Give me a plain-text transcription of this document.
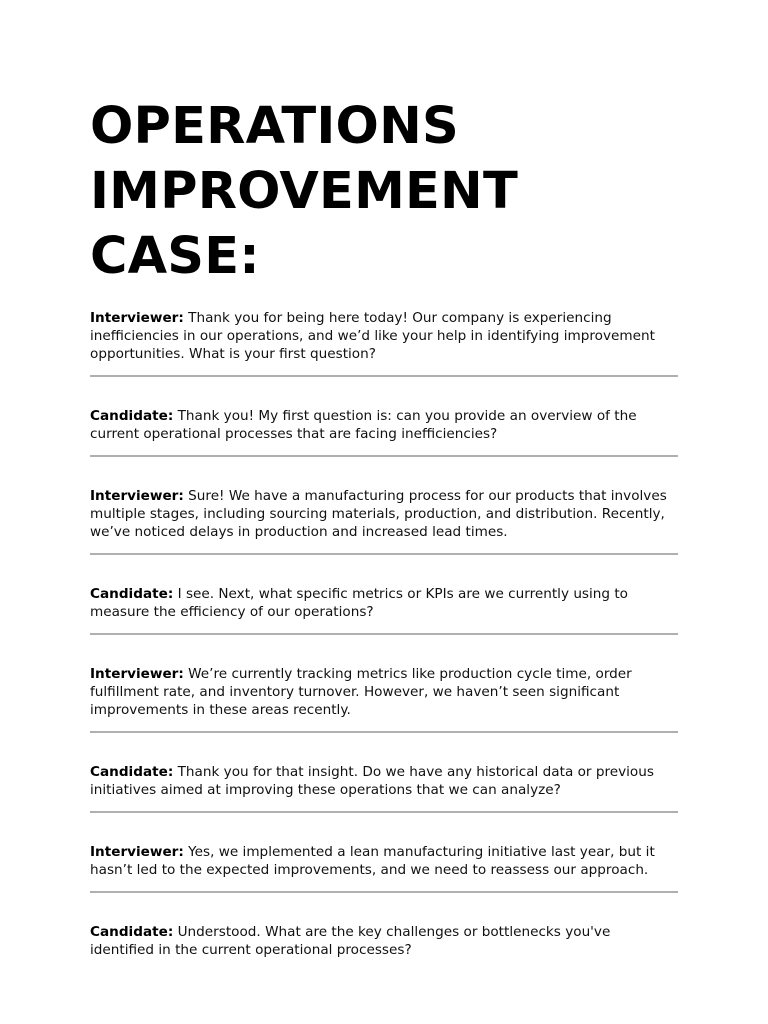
OPERATIONS
IMPROVEMENT
CASE:
Interviewer: Thank you for being here today! Our company is experiencing inefficiencies in our operations, and we’d like your help in identifying improvement opportunities. What is your first question?
Candidate: Thank you! My first question is: can you provide an overview of the current operational processes that are facing inefficiencies?
Interviewer: Sure! We have a manufacturing process for our products that involves multiple stages, including sourcing materials, production, and distribution. Recently, we’ve noticed delays in production and increased lead times.
Candidate: I see. Next, what specific metrics or KPIs are we currently using to measure the efficiency of our operations?
Interviewer: We’re currently tracking metrics like production cycle time, order fulfillment rate, and inventory turnover. However, we haven’t seen significant improvements in these areas recently.
Candidate: Thank you for that insight. Do we have any historical data or previous initiatives aimed at improving these operations that we can analyze?
Interviewer: Yes, we implemented a lean manufacturing initiative last year, but it hasn’t led to the expected improvements, and we need to reassess our approach.
Candidate: Understood. What are the key challenges or bottlenecks you've identified in the current operational processes?
